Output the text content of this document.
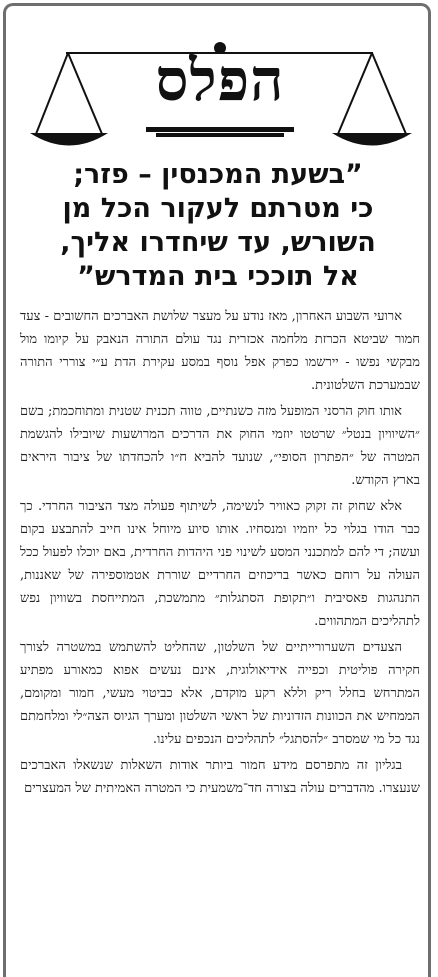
הפלס
”בשעת המכנסין – פזר;
כי מטרתם לעקור הכל מן
השורש, עד שיחדרו אליך,
אל תוככי בית המדרש”

ארועי השבוע האחרון, מאז נודע על מעצר שלושת האברכים החשובים - צעד חמור שביטא הכרזת מלחמה אכזרית נגד עולם התורה הנאבק על קיומו מול מבקשי נפשו - יירשמו כפרק אפל נוסף במסע עקירת הדת ע״י צוררי התורה שבמערכת השלטונית.

אותו חוק הרסני המופעל מזה כשנתיים, טווה תכנית שטנית ומתוחכמת; בשם ״השיוויון בנטל״ שרטטו יוזמי החוק את הדרכים המרושעות שיובילו להגשמת המטרה של ״הפתרון הסופי״, שנועד להביא ח״ו להכחדתו של ציבור היראים בארץ הקודש.

אלא שחוק זה זקוק כאוויר לנשימה, לשיתוף פעולה מצד הציבור החרדי. כך כבר הודו בגלוי כל יוזמיו ומנסחיו. אותו סיוע מיוחל אינו חייב להתבצע בקום ועשה; די להם למתכנני המסע לשינוי פני היהדות החרדית, באם יוכלו לפעול ככל העולה על רוחם כאשר בריכוזים החרדיים שוררת אטמוספירה של שאננות, התנהגות פאסיבית ו״תקופת הסתגלות״ מתמשכת, המתייחסת בשוויון נפש לתהליכים המתהווים.

הצעדים השערורייתיים של השלטון, שהחליט להשתמש במשטרה לצורך חקירה פוליטית וכפייה אידיאולוגית, אינם נעשים אפוא כמאורע מפתיע המתרחש בחלל ריק וללא רקע מוקדם, אלא כביטוי מעשי, חמור ומקומם, הממחיש את הכוונות הזדוניות של ראשי השלטון ומערך הגיוס הצה״לי ומלחמתם נגד כל מי שמסרב ״להסתגל״ לתהליכים הנכפים עלינו.

בגליון זה מתפרסם מידע חמור ביותר אודות השאלות שנשאלו האברכים שנעצרו. מהדברים עולה בצורה חד־משמעית כי המטרה האמיתית של המעצרים
